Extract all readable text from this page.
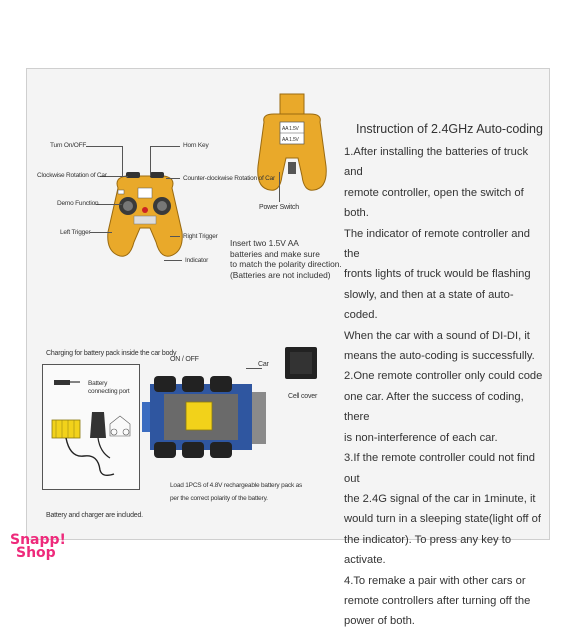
AA 1.5V
AA 1.5V
Turn On/OFF
Clockwise Rotation of Car
Demo Function
Left Trigger
Horn Key
Counter-clockwise Rotation of Car
Right Trigger
Indicator
Power Switch
Insert two 1.5V AA
batteries and make sure
to match the polarity direction.
(Batteries are not included)
Instruction of 2.4GHz Auto-coding

1.After installing the batteries of truck and

remote controller, open the switch of both.

The indicator of remote controller and the

fronts lights of truck would be flashing

slowly, and then at a state of auto-coded.

When the car with a sound of DI-DI, it

means the auto-coding is successfully.

2.One remote controller only could code

one car. After the success of coding, there

is non-interference of each car.

3.If the remote controller could not find out

the 2.4G signal of the car in 1minute, it

would turn in a sleeping state(light off of

the indicator). To press any key to activate.

4.To remake a pair with other cars or

remote controllers after turning off the

power of both.

Charging for battery pack inside the car body
Battery
connecting port
Battery and charger are included.
ON / OFF
Car
Load 1PCS of 4.8V rechargeable battery pack as
per the correct polarity of the battery.
Cell cover
Snapp!
Shop
